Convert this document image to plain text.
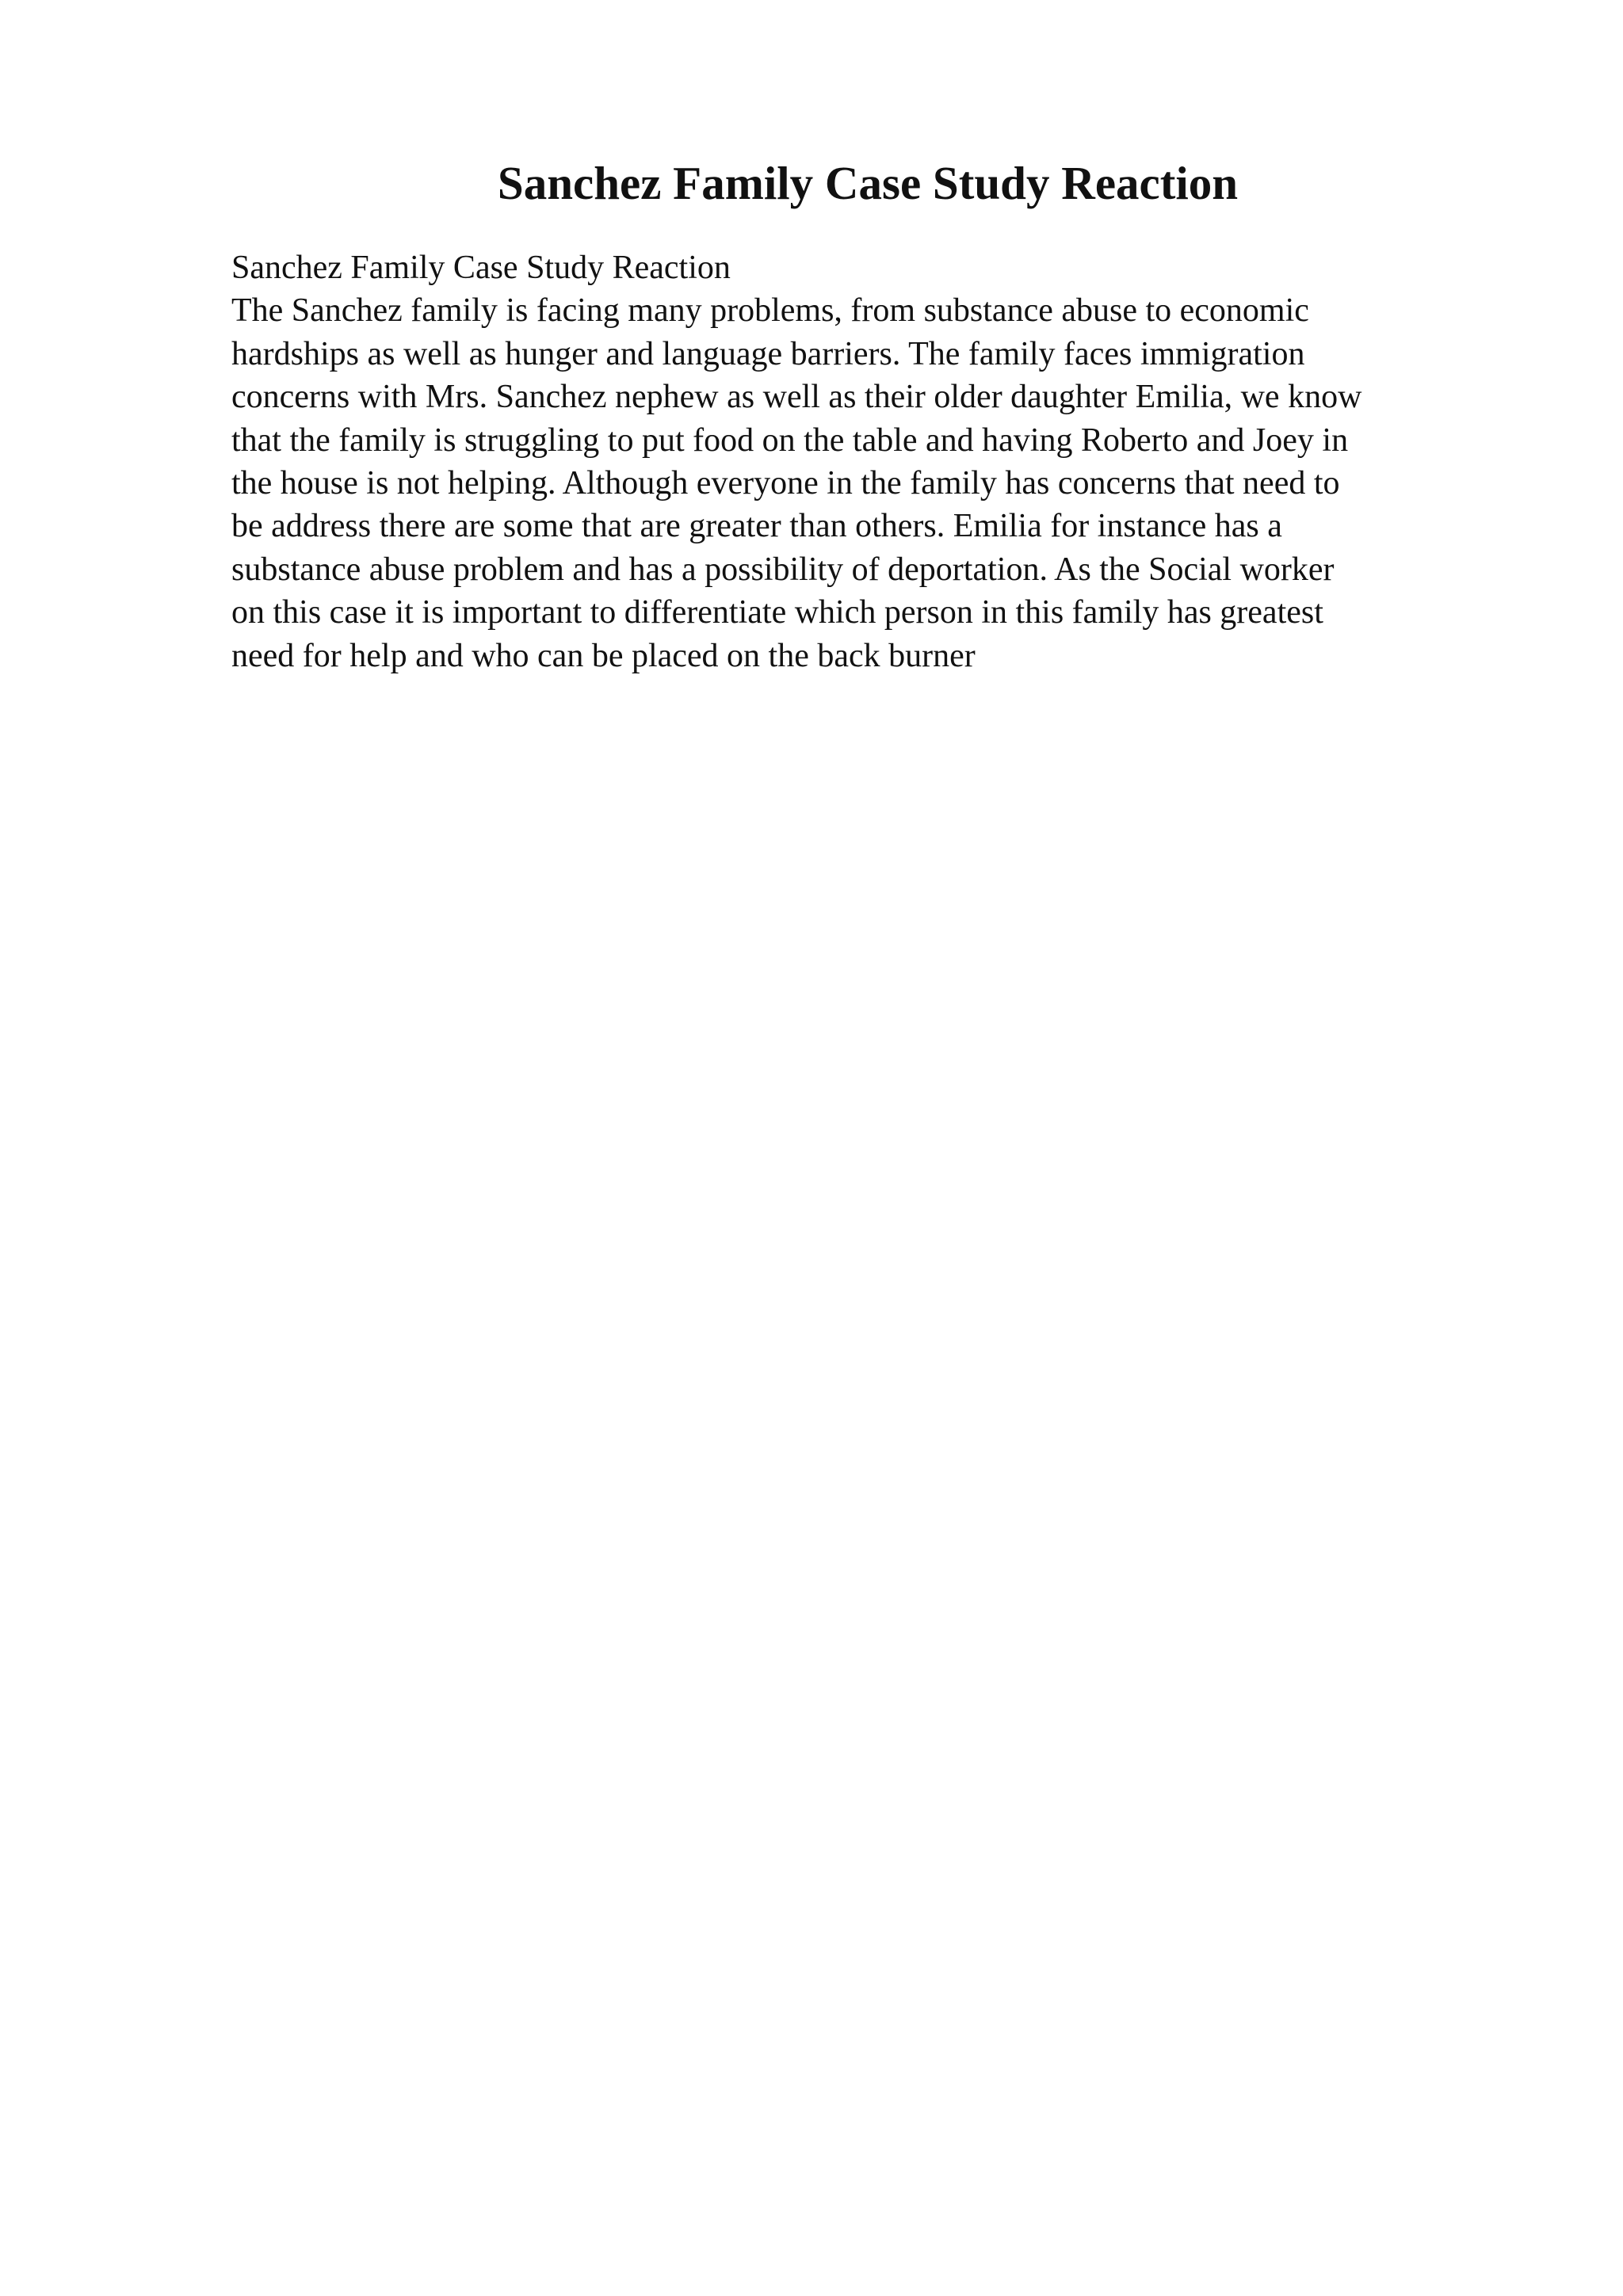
Sanchez Family Case Study Reaction
Sanchez Family Case Study Reaction
The Sanchez family is facing many problems, from substance abuse to economic
hardships as well as hunger and language barriers. The family faces immigration
concerns with Mrs. Sanchez nephew as well as their older daughter Emilia, we know
that the family is struggling to put food on the table and having Roberto and Joey in
the house is not helping. Although everyone in the family has concerns that need to
be address there are some that are greater than others. Emilia for instance has a
substance abuse problem and has a possibility of deportation. As the Social worker
on this case it is important to differentiate which person in this family has greatest
need for help and who can be placed on the back burner
